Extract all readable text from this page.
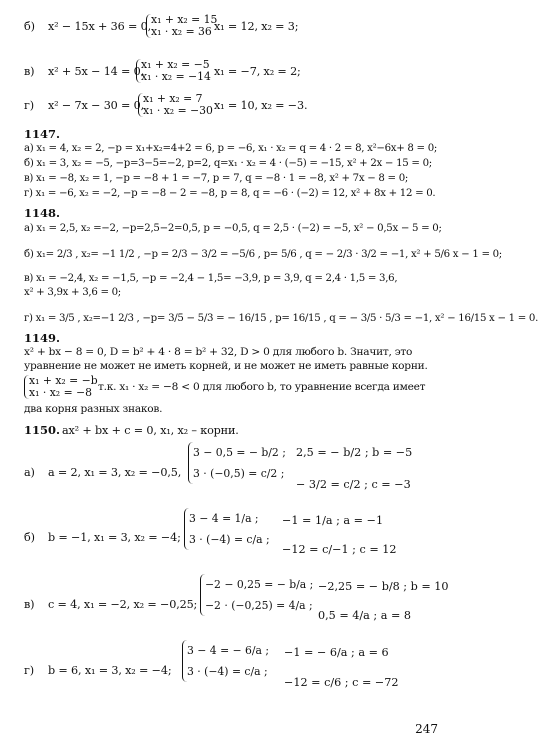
б) x² − 15x + 36 = 0,
x₁ + x₂ = 15
x₁ · x₂ = 36 x₁ = 12, x₂ = 3;
в) x² + 5x − 14 = 0,
x₁ + x₂ = −5
x₁ · x₂ = −14 x₁ = −7, x₂ = 2;
г) x² − 7x − 30 = 0,
x₁ + x₂ = 7
x₁ · x₂ = −30 x₁ = 10, x₂ = −3.
1147.
а) x₁ = 4, x₂ = 2, −p = x₁+x₂=4+2 = 6, p = −6, x₁ · x₂ = q = 4 · 2 = 8, x²−6x+ 8 = 0;
б) x₁ = 3, x₂ = −5, −p=3−5=−2, p=2, q=x₁ · x₂ = 4 · (−5) = −15, x² + 2x − 15 = 0;
в) x₁ = −8, x₂ = 1, −p = −8 + 1 = −7, p = 7, q = −8 · 1 = −8, x² + 7x − 8 = 0;
г) x₁ = −6, x₂ = −2, −p = −8 − 2 = −8, p = 8, q = −6 · (−2) = 12, x² + 8x + 12 = 0.
1148.
а) x₁ = 2,5, x₂ =−2, −p=2,5−2=0,5, p = −0,5, q = 2,5 · (−2) = −5, x² − 0,5x − 5 = 0;
б) x₁= 2/3 , x₂= −1 1/2 , −p = 2/3 − 3/2 = −5/6 , p= 5/6 , q = − 2/3 · 3/2 = −1, x² + 5/6 x − 1 = 0;
в) x₁ = −2,4, x₂ = −1,5, −p = −2,4 − 1,5= −3,9, p = 3,9, q = 2,4 · 1,5 = 3,6,
x² + 3,9x + 3,6 = 0;
г) x₁ = 3/5 , x₂=−1 2/3 , −p= 3/5 − 5/3 = − 16/15 , p= 16/15 , q = − 3/5 · 5/3 = −1, x² − 16/15 x − 1 = 0.
1149.
x² + bx − 8 = 0, D = b² + 4 · 8 = b² + 32, D > 0 для любого b. Значит, это
уравнение не может не иметь корней, и не может не иметь равные корни.
x₁ + x₂ = −b
x₁ · x₂ = −8 т.к. x₁ · x₂ = −8 < 0 для любого b, то уравнение всегда имеет
два корня разных знаков.
1150. ax² + bx + c = 0, x₁, x₂ – корни.
а) a = 2, x₁ = 3, x₂ = −0,5,
3 − 0,5 = − b/2 ;
3 · (−0,5) = c/2 ;
2,5 = − b/2 ; b = −5
− 3/2 = c/2 ; c = −3
б) b = −1, x₁ = 3, x₂ = −4;
3 − 4 = 1/a ;
3 · (−4) = c/a ;
−1 = 1/a ; a = −1
−12 = c/−1 ; c = 12
в) c = 4, x₁ = −2, x₂ = −0,25;
−2 − 0,25 = − b/a ;
−2 · (−0,25) = 4/a ;
−2,25 = − b/8 ; b = 10
0,5 = 4/a ; a = 8
г) b = 6, x₁ = 3, x₂ = −4;
3 − 4 = − 6/a ;
3 · (−4) = c/a ;
−1 = − 6/a ; a = 6
−12 = c/6 ; c = −72
247
